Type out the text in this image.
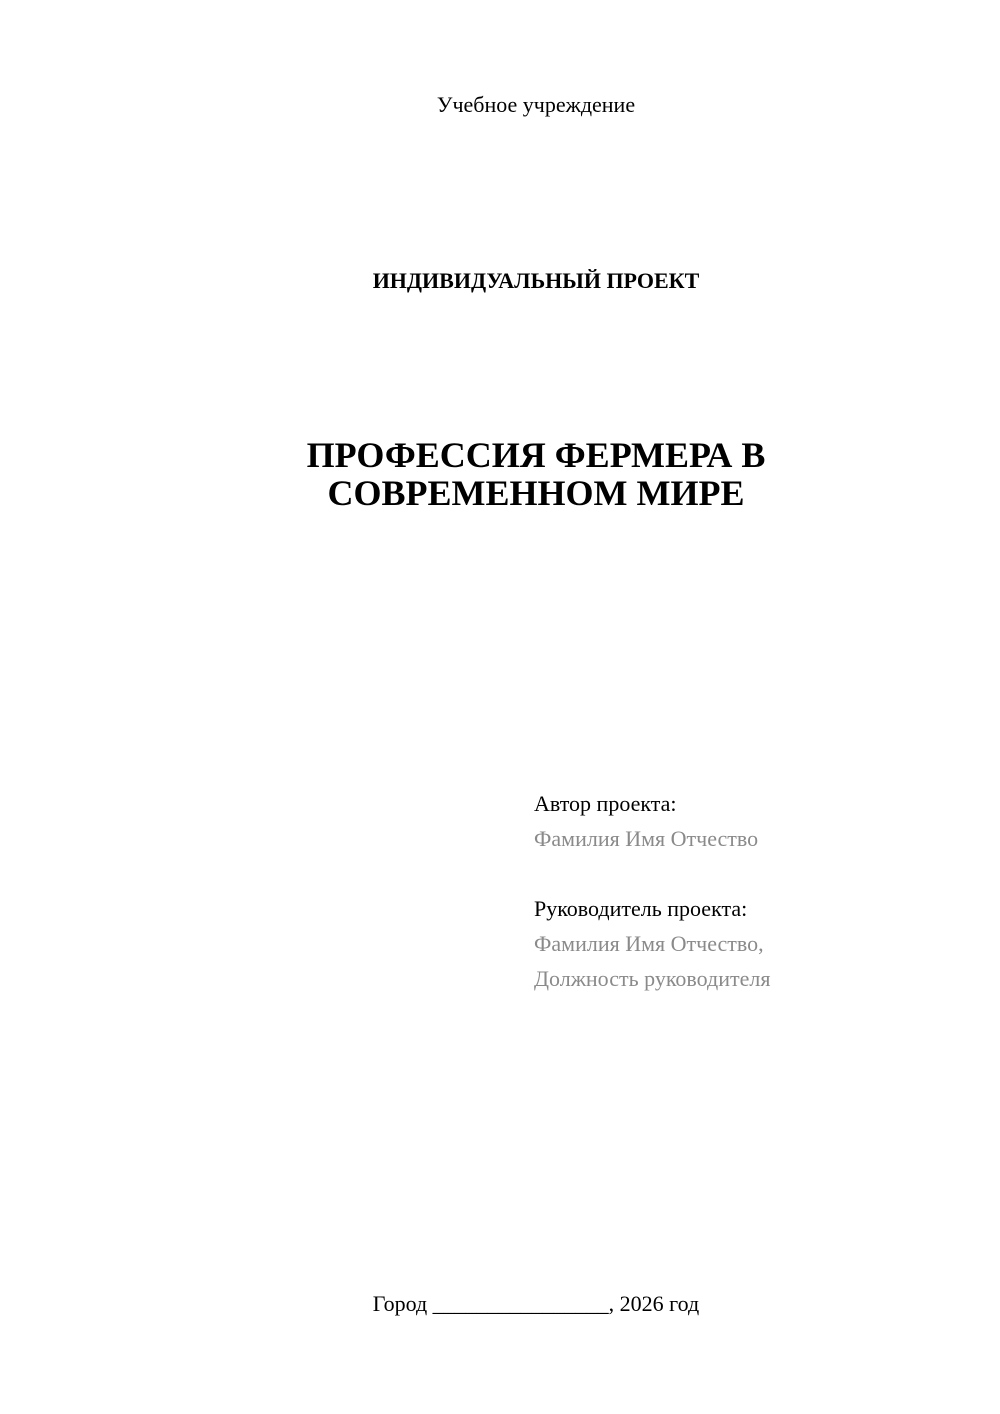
Учебное учреждение
ИНДИВИДУАЛЬНЫЙ ПРОЕКТ
ПРОФЕССИЯ ФЕРМЕРА В
СОВРЕМЕННОМ МИРЕ
Автор проекта:
Фамилия Имя Отчество
Руководитель проекта:
Фамилия Имя Отчество,
Должность руководителя
Город ________________, 2026 год
